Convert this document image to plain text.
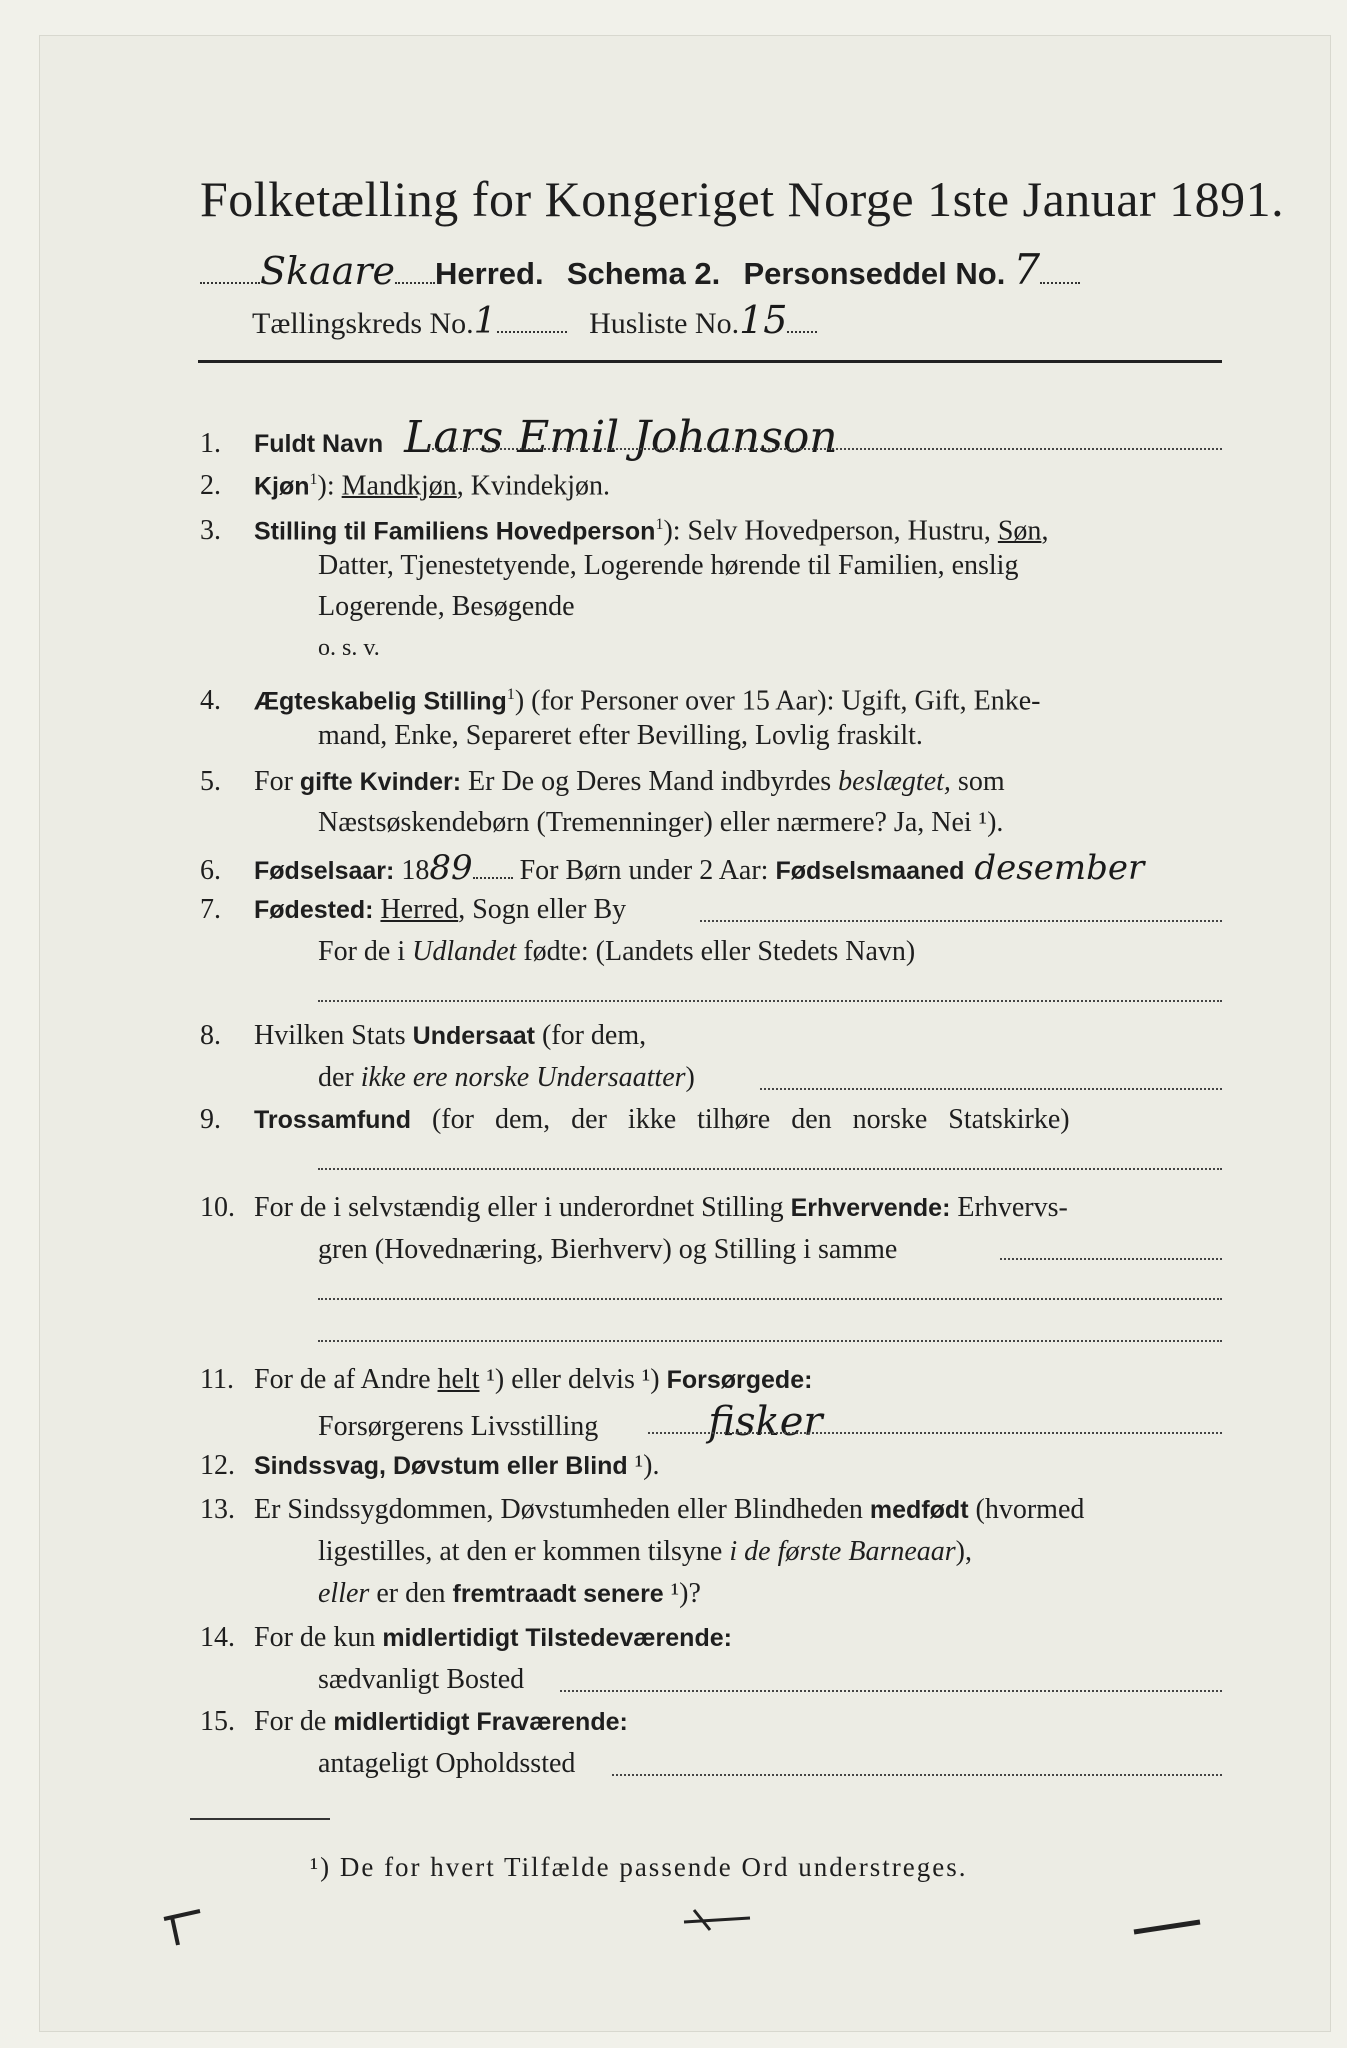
Folketælling for Kongeriget Norge 1ste Januar 1891.
Skaare Herred. Schema 2. Personseddel No. 7
Tællingskreds No.1	Husliste No.15
1. Fuldt Navn Lars Emil Johanson
2. Kjøn$^1$): Mandkjøn, Kvindekjøn.
3. Stilling til Familiens Hovedperson$^1$): Selv Hovedperson, Hustru, Søn,
Datter, Tjenestetyende, Logerende hørende til Familien, enslig
Logerende, Besøgende
o. s. v.
4. Ægteskabelig Stilling$^1$) (for Personer over 15 Aar): Ugift, Gift, Enke-
mand, Enke, Separeret efter Bevilling, Lovlig fraskilt.
5. For gifte Kvinder: Er De og Deres Mand indbyrdes beslægtet, som
Næstsøskendebørn (Tremenninger) eller nærmere? Ja, Nei ¹).
6. Fødselsaar: 1889 For Børn under 2 Aar: Fødselsmaaned desember
7. Fødested: Herred, Sogn eller By
For de i Udlandet fødte: (Landets eller Stedets Navn)
8. Hvilken Stats Undersaat (for dem,
der ikke ere norske Undersaatter)
9. Trossamfund (for dem, der ikke tilhøre den norske Statskirke)
10. For de i selvstændig eller i underordnet Stilling Erhvervende: Erhvervs-
gren (Hovednæring, Bierhverv) og Stilling i samme
11. For de af Andre helt ¹) eller delvis ¹) Forsørgede:
Forsørgerens Livsstilling	fisker
12. Sindssvag, Døvstum eller Blind ¹).
13. Er Sindssygdommen, Døvstumheden eller Blindheden medfødt (hvormed
ligestilles, at den er kommen tilsyne i de første Barneaar),
eller er den fremtraadt senere ¹)?
14. For de kun midlertidigt Tilstedeværende:
sædvanligt Bosted
15. For de midlertidigt Fraværende:
antageligt Opholdssted
¹) De for hvert Tilfælde passende Ord understreges.
